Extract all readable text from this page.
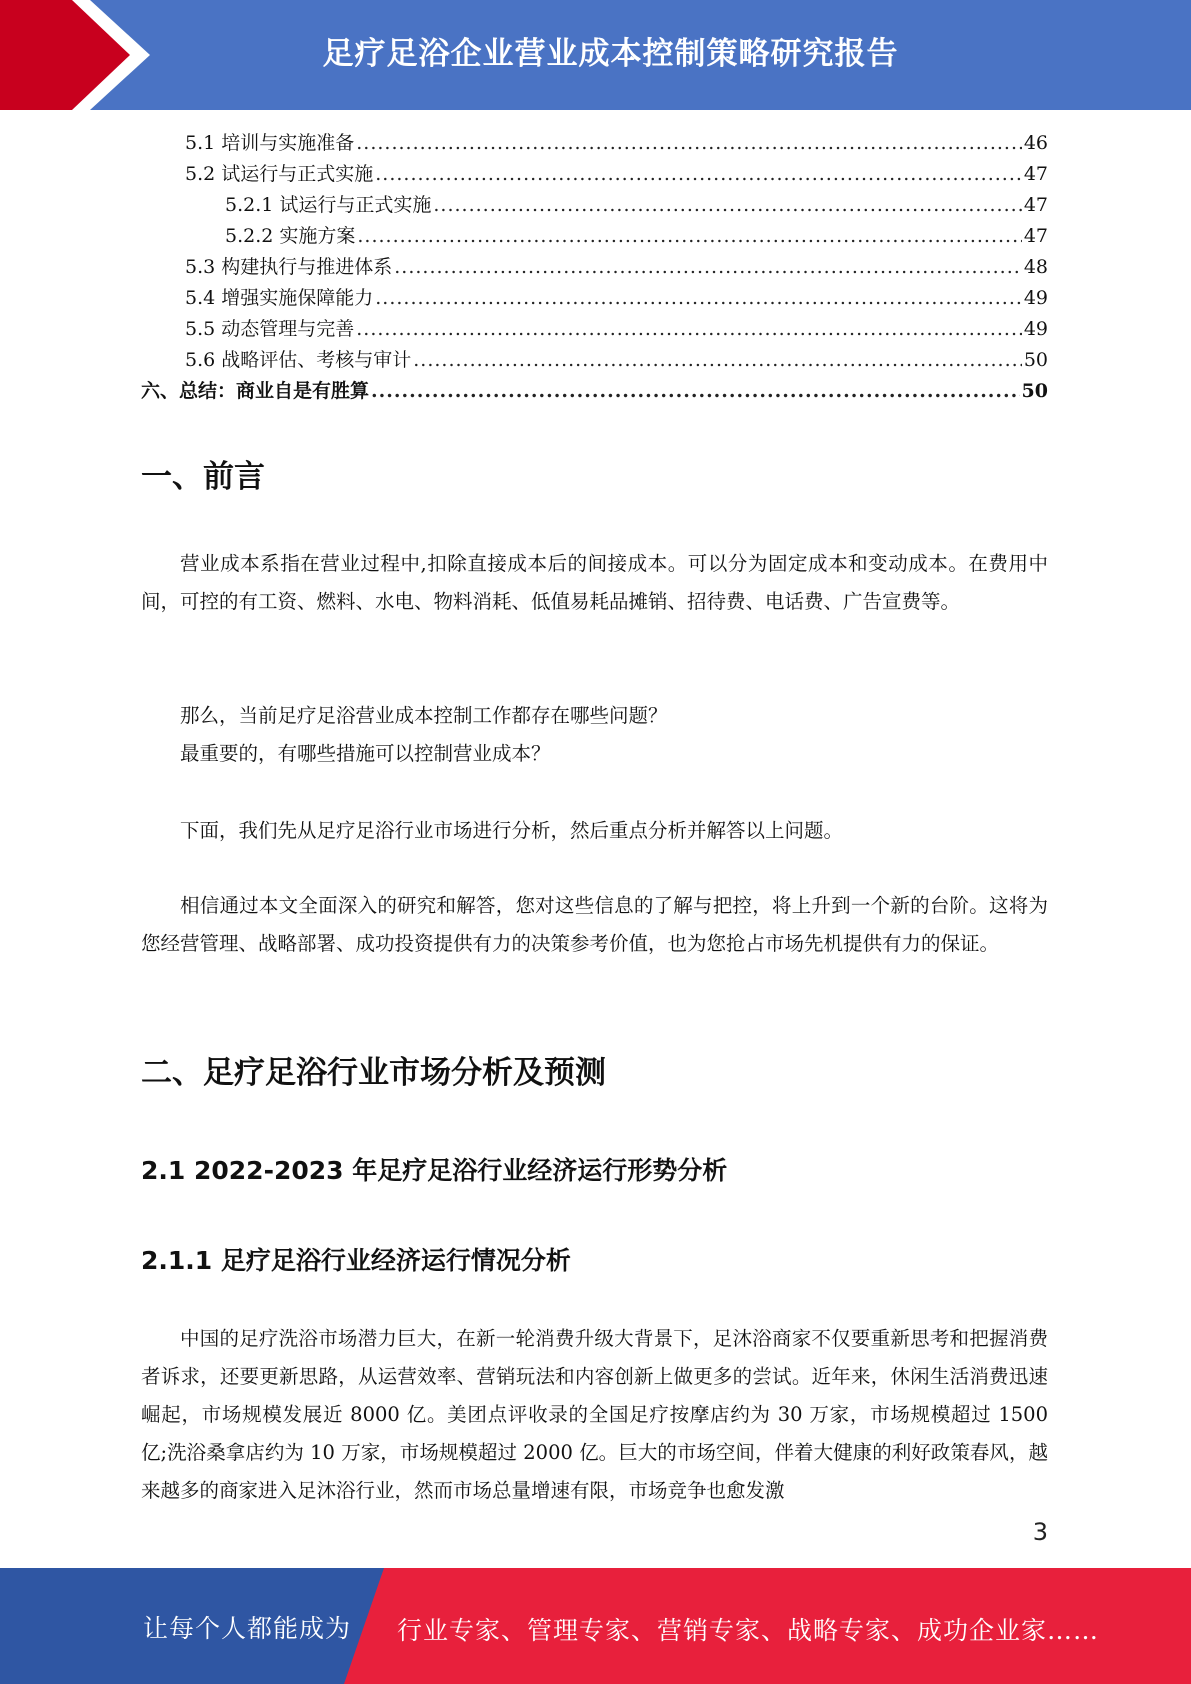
足疗足浴企业营业成本控制策略研究报告
5.1 培训与实施准备 .....	46
5.2 试运行与正式实施 .....	47
5.2.1 试运行与正式实施 .....	47
5.2.2 实施方案 .....	47
5.3 构建执行与推进体系 .....	48
5.4 增强实施保障能力 .....	49
5.5 动态管理与完善 .....	49
5.6 战略评估、考核与审计 .....	50
六、总结：商业自是有胜算 .....	50
一、前言

营业成本系指在营业过程中,扣除直接成本后的间接成本。可以分为固定成本和变动成本。在费用中间，可控的有工资、燃料、水电、物料消耗、低值易耗品摊销、招待费、电话费、广告宣费等。

那么，当前足疗足浴营业成本控制工作都存在哪些问题？

最重要的，有哪些措施可以控制营业成本？

下面，我们先从足疗足浴行业市场进行分析，然后重点分析并解答以上问题。

相信通过本文全面深入的研究和解答，您对这些信息的了解与把控，将上升到一个新的台阶。这将为您经营管理、战略部署、成功投资提供有力的决策参考价值，也为您抢占市场先机提供有力的保证。

二、足疗足浴行业市场分析及预测
2.1 2022-2023 年足疗足浴行业经济运行形势分析
2.1.1 足疗足浴行业经济运行情况分析

中国的足疗洗浴市场潜力巨大，在新一轮消费升级大背景下，足沐浴商家不仅要重新思考和把握消费者诉求，还要更新思路，从运营效率、营销玩法和内容创新上做更多的尝试。近年来，休闲生活消费迅速崛起，市场规模发展近 8000 亿。美团点评收录的全国足疗按摩店约为 30 万家，市场规模超过 1500 亿;洗浴桑拿店约为 10 万家，市场规模超过 2000 亿。巨大的市场空间，伴着大健康的利好政策春风，越来越多的商家进入足沐浴行业，然而市场总量增速有限，市场竞争也愈发激

3
让每个人都能成为 行业专家、管理专家、营销专家、战略专家、成功企业家……
